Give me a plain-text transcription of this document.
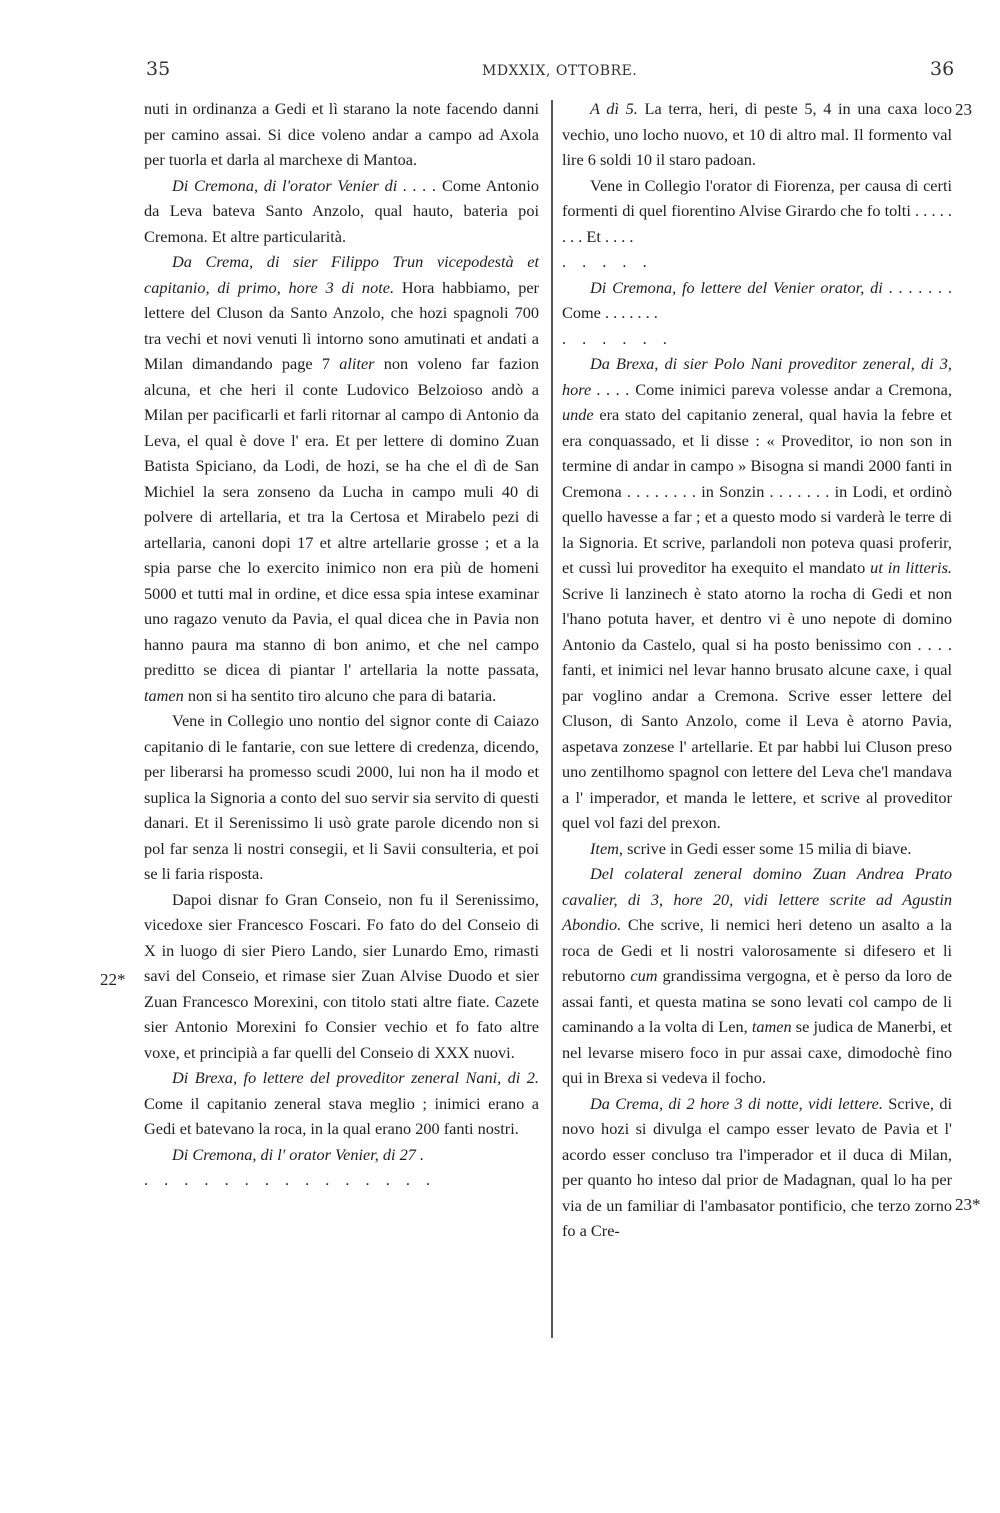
35	MDXXIX, OTTOBRE.	36
22*
23
23*

nuti in ordinanza a Gedi et lì starano la note facendo danni per camino assai. Si dice voleno andar a campo ad Axola per tuorla et darla al marchexe di Mantoa.

Di Cremona, di l'orator Venier di . . . . Come Antonio da Leva bateva Santo Anzolo, qual hauto, bateria poi Cremona. Et altre particularità.

Da Crema, di sier Filippo Trun vicepodestà et capitanio, di primo, hore 3 di note. Hora habbiamo, per lettere del Cluson da Santo Anzolo, che hozi spagnoli 700 tra vechi et novi venuti lì intorno sono amutinati et andati a Milan dimandando page 7 aliter non voleno far fazion alcuna, et che heri il conte Ludovico Belzoioso andò a Milan per pacificarli et farli ritornar al campo di Antonio da Leva, el qual è dove l' era. Et per lettere di domino Zuan Batista Spiciano, da Lodi, de hozi, se ha che el dì de San Michiel la sera zonseno da Lucha in campo muli 40 di polvere di artellaria, et tra la Certosa et Mirabelo pezi di artellaria, canoni dopi 17 et altre artellarie grosse ; et a la spia parse che lo exercito inimico non era più de homeni 5000 et tutti mal in ordine, et dice essa spia intese examinar uno ragazo venuto da Pavia, el qual dicea che in Pavia non hanno paura ma stanno di bon animo, et che nel campo preditto se dicea di piantar l' artellaria la notte passata, tamen non si ha sentito tiro alcuno che para di bataria.

Vene in Collegio uno nontio del signor conte di Caiazo capitanio di le fantarie, con sue lettere di credenza, dicendo, per liberarsi ha promesso scudi 2000, lui non ha il modo et suplica la Signoria a conto del suo servir sia servito di questi danari. Et il Serenissimo li usò grate parole dicendo non si pol far senza li nostri consegii, et li Savii consulteria, et poi se li faria risposta.

Dapoi disnar fo Gran Conseio, non fu il Serenissimo, vicedoxe sier Francesco Foscari. Fo fato do del Conseio di X in luogo di sier Piero Lando, sier Lunardo Emo, rimasti savi del Conseio, et rimase sier Zuan Alvise Duodo et sier Zuan Francesco Morexini, con titolo stati altre fiate. Cazete sier Antonio Morexini fo Consier vechio et fo fato altre voxe, et principià a far quelli del Conseio di XXX nuovi.

Di Brexa, fo lettere del proveditor zeneral Nani, di 2. Come il capitanio zeneral stava meglio ; inimici erano a Gedi et batevano la roca, in la qual erano 200 fanti nostri.

Di Cremona, di l' orator Venier, di 27 .

. . . . . . . . . . . . . . .

A dì 5. La terra, heri, di peste 5, 4 in una caxa loco vechio, uno locho nuovo, et 10 di altro mal. Il formento val lire 6 soldi 10 il staro padoan.

Vene in Collegio l'orator di Fiorenza, per causa di certi formenti di quel fiorentino Alvise Girardo che fo tolti . . . . . . . . Et . . . .

. . . . .

Di Cremona, fo lettere del Venier orator, di . . . . . . . Come . . . . . . .

. . . . . .

Da Brexa, di sier Polo Nani proveditor zeneral, di 3, hore . . . . Come inimici pareva volesse andar a Cremona, unde era stato del capitanio zeneral, qual havia la febre et era conquassado, et li disse : « Proveditor, io non son in termine di andar in campo » Bisogna si mandi 2000 fanti in Cremona . . . . . . . . in Sonzin . . . . . . . in Lodi, et ordinò quello havesse a far ; et a questo modo si varderà le terre di la Signoria. Et scrive, parlandoli non poteva quasi proferir, et cussì lui proveditor ha exequito el mandato ut in litteris. Scrive li lanzinech è stato atorno la rocha di Gedi et non l'hano potuta haver, et dentro vi è uno nepote di domino Antonio da Castelo, qual si ha posto benissimo con . . . . fanti, et inimici nel levar hanno brusato alcune caxe, i qual par voglino andar a Cremona. Scrive esser lettere del Cluson, di Santo Anzolo, come il Leva è atorno Pavia, aspetava zonzese l' artellarie. Et par habbi lui Cluson preso uno zentilhomo spagnol con lettere del Leva che'l mandava a l' imperador, et manda le lettere, et scrive al proveditor quel vol fazi del prexon.

Item, scrive in Gedi esser some 15 milia di biave.

Del colateral zeneral domino Zuan Andrea Prato cavalier, di 3, hore 20, vidi lettere scrite ad Agustin Abondio. Che scrive, li nemici heri deteno un asalto a la roca de Gedi et li nostri valorosamente si difesero et li rebutorno cum grandissima vergogna, et è perso da loro de assai fanti, et questa matina se sono levati col campo de li caminando a la volta di Len, tamen se judica de Manerbi, et nel levarse misero foco in pur assai caxe, dimodochè fino qui in Brexa si vedeva il focho.

Da Crema, di 2 hore 3 di notte, vidi lettere. Scrive, di novo hozi si divulga el campo esser levato de Pavia et l' acordo esser concluso tra l'imperador et il duca di Milan, per quanto ho inteso dal prior de Madagnan, qual lo ha per via de un familiar di l'ambasator pontificio, che terzo zorno fo a Cre-
